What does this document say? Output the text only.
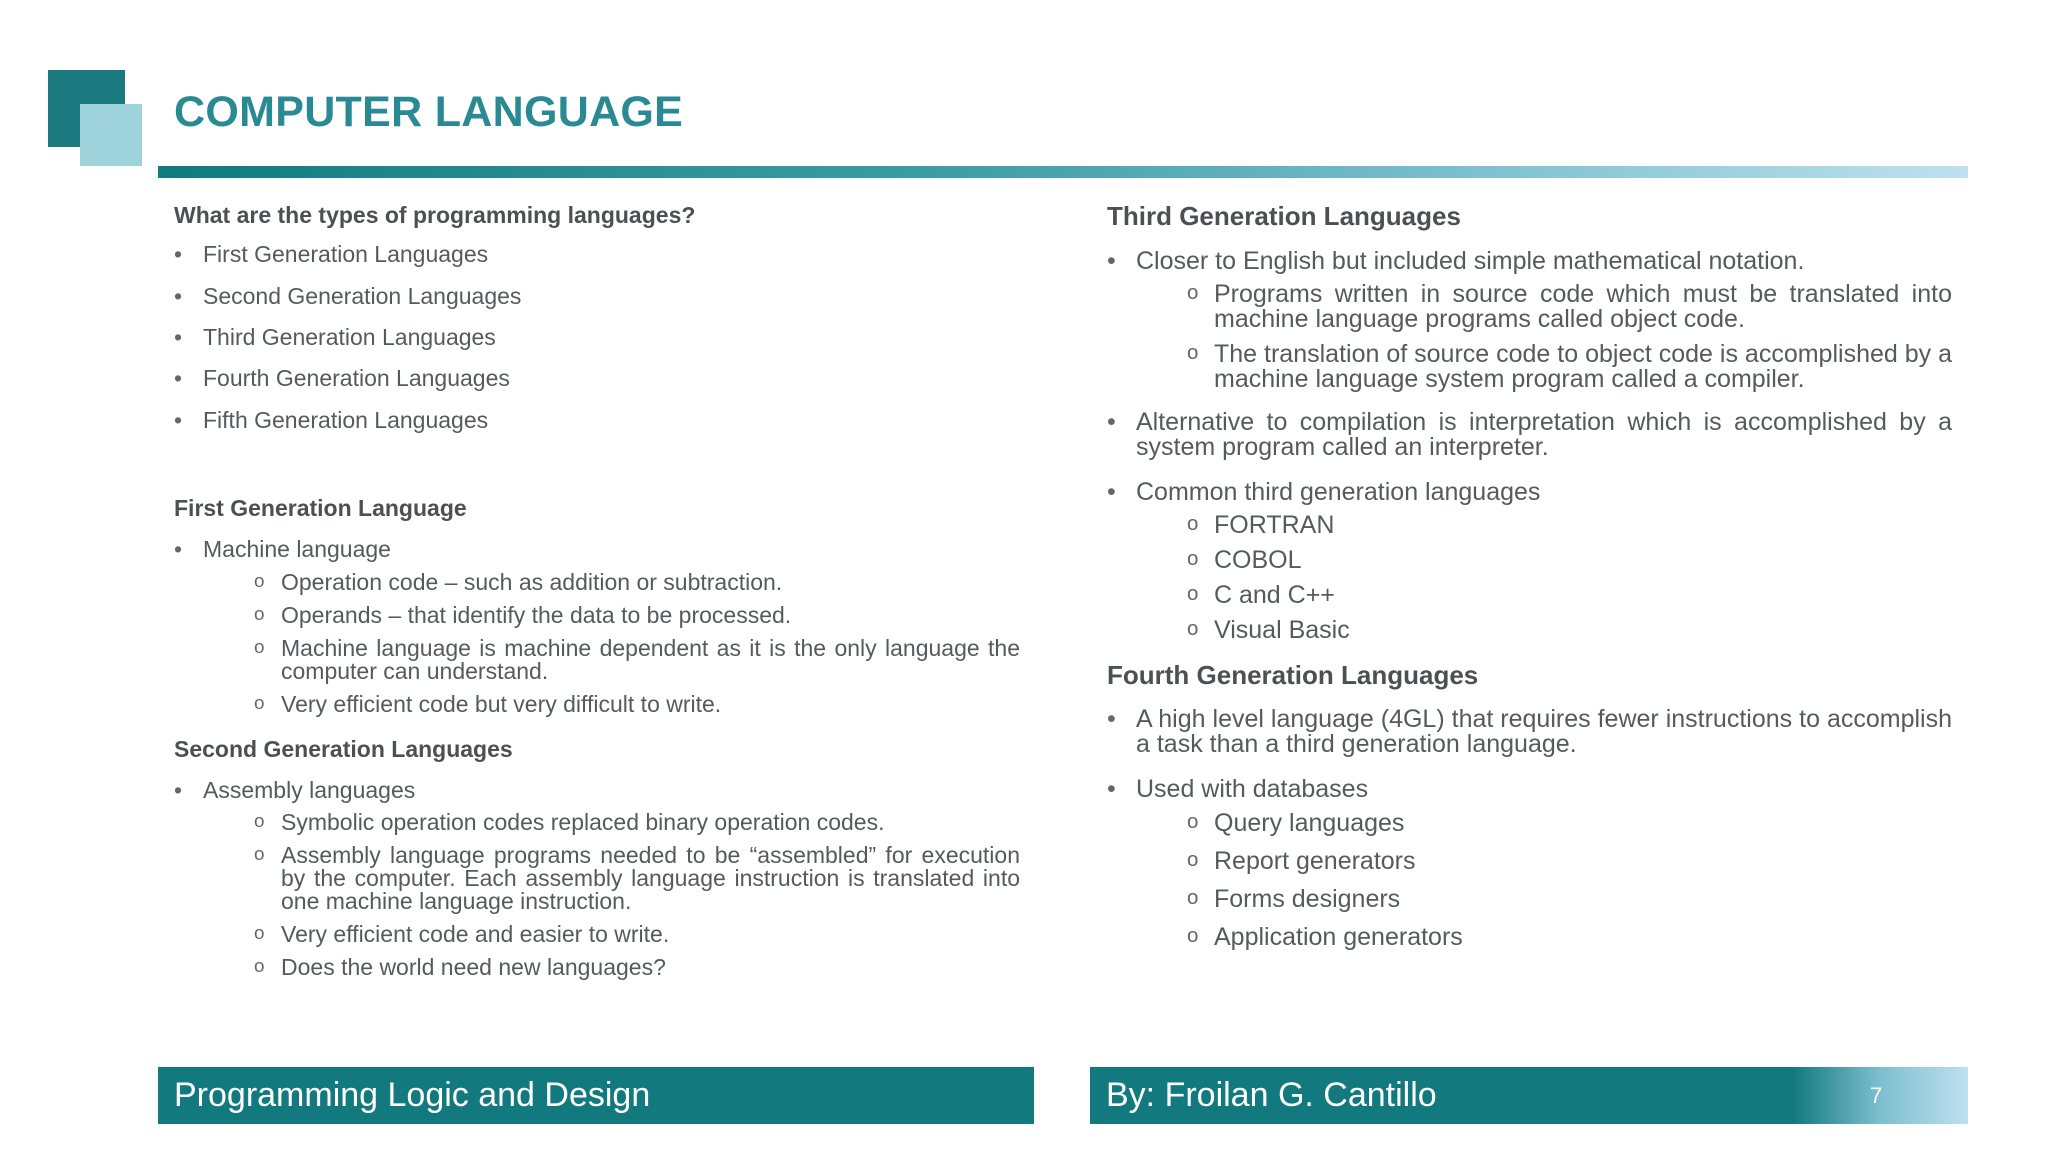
COMPUTER LANGUAGE

What are the types of programming languages?

• First Generation Languages
• Second Generation Languages
• Third Generation Languages
• Fourth Generation Languages
• Fifth Generation Languages

First Generation Language

• Machine language
o Operation code – such as addition or subtraction.
o Operands – that identify the data to be processed.
o Machine language is machine dependent as it is the only language the computer can understand.
o Very efficient code but very difficult to write.

Second Generation Languages

• Assembly languages
o Symbolic operation codes replaced binary operation codes.
o Assembly language programs needed to be “assembled” for execution by the computer. Each assembly language instruction is translated into one machine language instruction.
o Very efficient code and easier to write.
o Does the world need new languages?

Third Generation Languages

• Closer to English but included simple mathematical notation.
o Programs written in source code which must be translated into machine language programs called object code.
o The translation of source code to object code is accomplished by a machine language system program called a compiler.
• Alternative to compilation is interpretation which is accomplished by a system program called an interpreter.
• Common third generation languages
o FORTRAN
o COBOL
o C and C++
o Visual Basic

Fourth Generation Languages

• A high level language (4GL) that requires fewer instructions to accomplish a task than a third generation language.
• Used with databases
o Query languages
o Report generators
o Forms designers
o Application generators
Programming Logic and Design	By: Froilan G. Cantillo	7
